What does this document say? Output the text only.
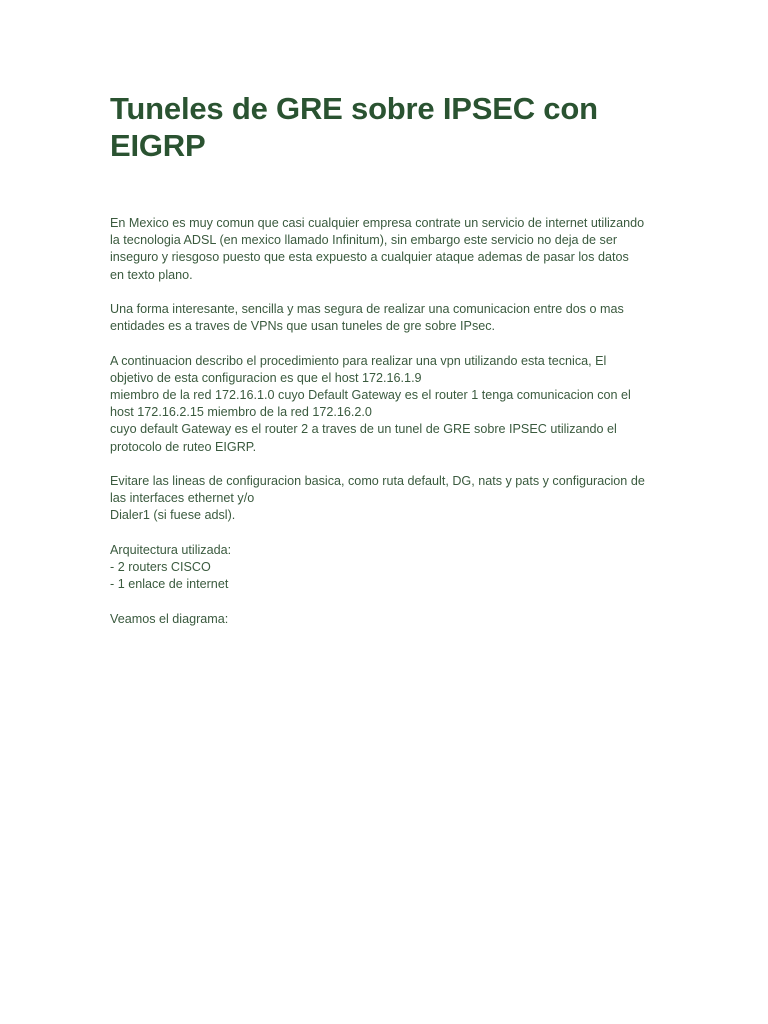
Tuneles de GRE sobre IPSEC con
EIGRP

En Mexico es muy comun que casi cualquier empresa contrate un servicio de internet utilizando
la tecnologia ADSL (en mexico llamado Infinitum), sin embargo este servicio no deja de ser
inseguro y riesgoso puesto que esta expuesto a cualquier ataque ademas de pasar los datos
en texto plano.

Una forma interesante, sencilla y mas segura de realizar una comunicacion entre dos o mas
entidades es a traves de VPNs que usan tuneles de gre sobre IPsec.

A continuacion describo el procedimiento para realizar una vpn utilizando esta tecnica, El
objetivo de esta configuracion es que el host 172.16.1.9
miembro de la red 172.16.1.0 cuyo Default Gateway es el router 1 tenga comunicacion con el
host 172.16.2.15 miembro de la red 172.16.2.0
cuyo default Gateway es el router 2 a traves de un tunel de GRE sobre IPSEC utilizando el
protocolo de ruteo EIGRP.

Evitare las lineas de configuracion basica, como ruta default, DG, nats y pats y configuracion de
las interfaces ethernet y/o
Dialer1 (si fuese adsl).

Arquitectura utilizada:
- 2 routers CISCO
- 1 enlace de internet

Veamos el diagrama:
